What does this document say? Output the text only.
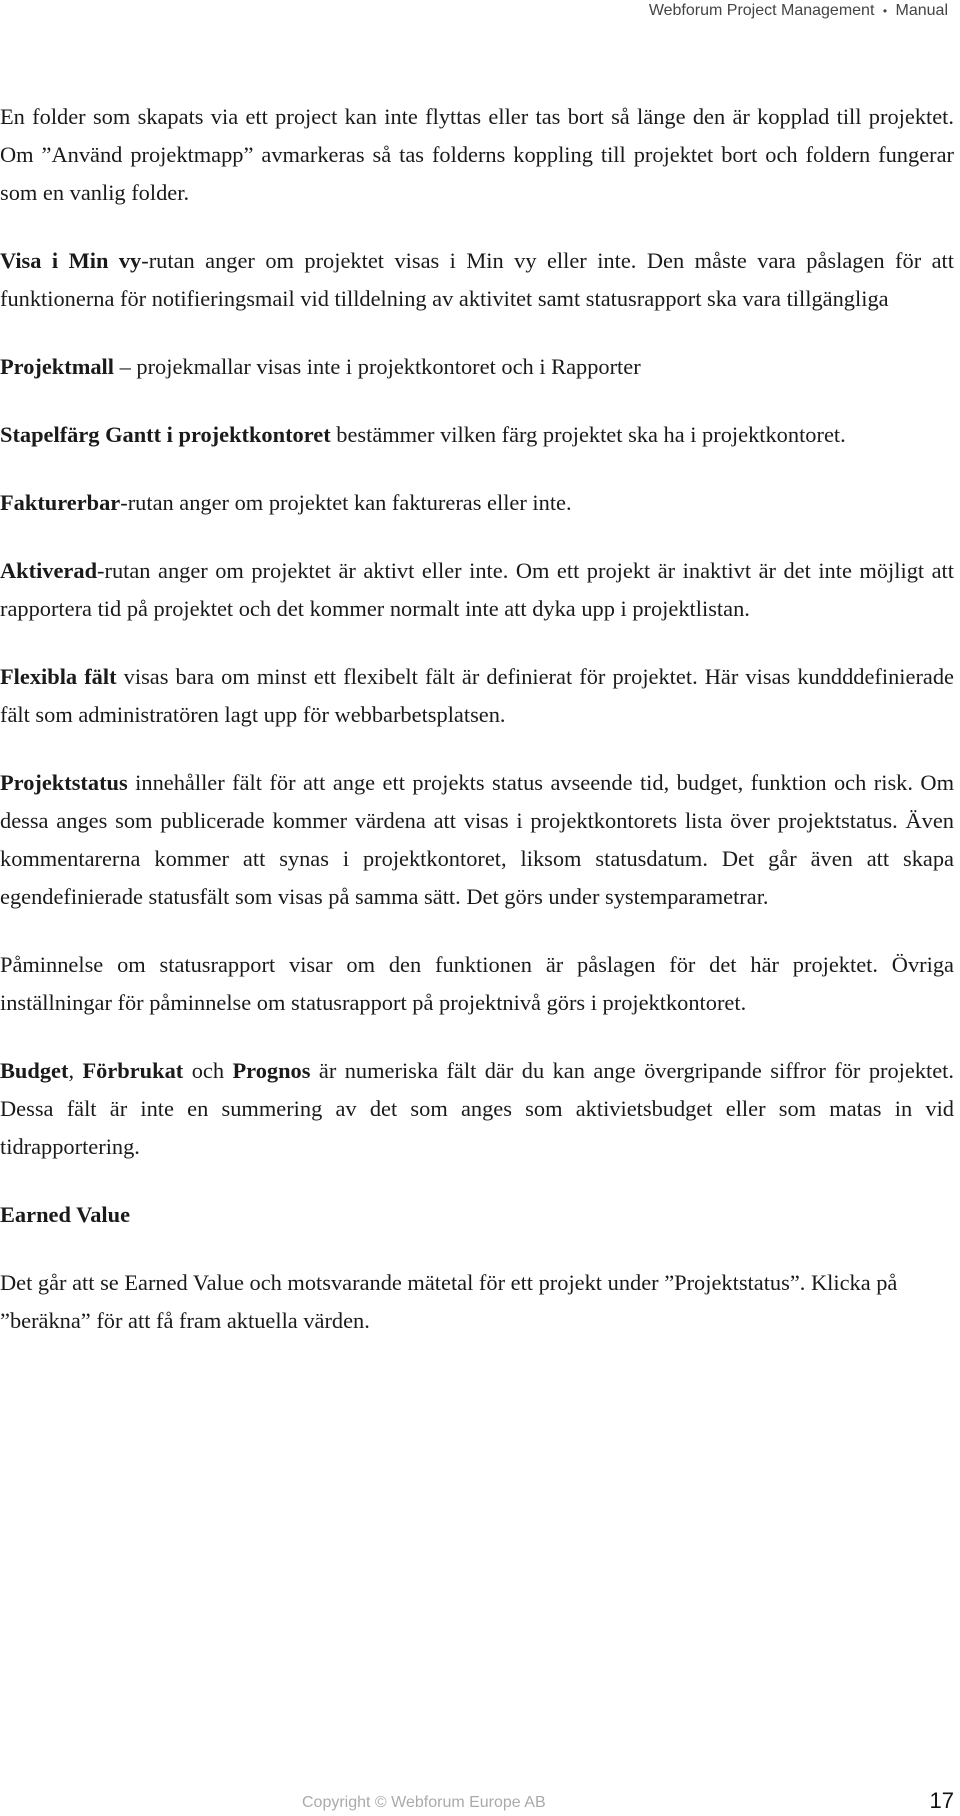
Webforum Project Management • Manual

En folder som skapats via ett project kan inte flyttas eller tas bort så länge den är kopplad till projektet. Om ”Använd projektmapp” avmarkeras så tas folderns koppling till projektet bort och foldern fungerar som en vanlig folder.

Visa i Min vy-rutan anger om projektet visas i Min vy eller inte. Den måste vara påslagen för att funktionerna för notifieringsmail vid tilldelning av aktivitet samt statusrapport ska vara tillgängliga

Projektmall – projekmallar visas inte i projektkontoret och i Rapporter

Stapelfärg Gantt i projektkontoret bestämmer vilken färg projektet ska ha i projektkontoret.

Fakturerbar-rutan anger om projektet kan faktureras eller inte.

Aktiverad-rutan anger om projektet är aktivt eller inte. Om ett projekt är inaktivt är det inte möjligt att rapportera tid på projektet och det kommer normalt inte att dyka upp i projektlistan.

Flexibla fält visas bara om minst ett flexibelt fält är definierat för projektet. Här visas kundddefinierade fält som administratören lagt upp för webbarbetsplatsen.

Projektstatus innehåller fält för att ange ett projekts status avseende tid, budget, funktion och risk. Om dessa anges som publicerade kommer värdena att visas i projektkontorets lista över projektstatus. Även kommentarerna kommer att synas i projektkontoret, liksom statusdatum. Det går även att skapa egendefinierade statusfält som visas på samma sätt. Det görs under systemparametrar.

Påminnelse om statusrapport visar om den funktionen är påslagen för det här projektet. Övriga inställningar för påminnelse om statusrapport på projektnivå görs i projektkontoret.

Budget, Förbrukat och Prognos är numeriska fält där du kan ange övergripande siffror för projektet. Dessa fält är inte en summering av det som anges som aktivietsbudget eller som matas in vid tidrapportering.

Earned Value

Det går att se Earned Value och motsvarande mätetal för ett projekt under ”Projektstatus”. Klicka på ”beräkna” för att få fram aktuella värden.

Copyright © Webforum Europe AB	17
